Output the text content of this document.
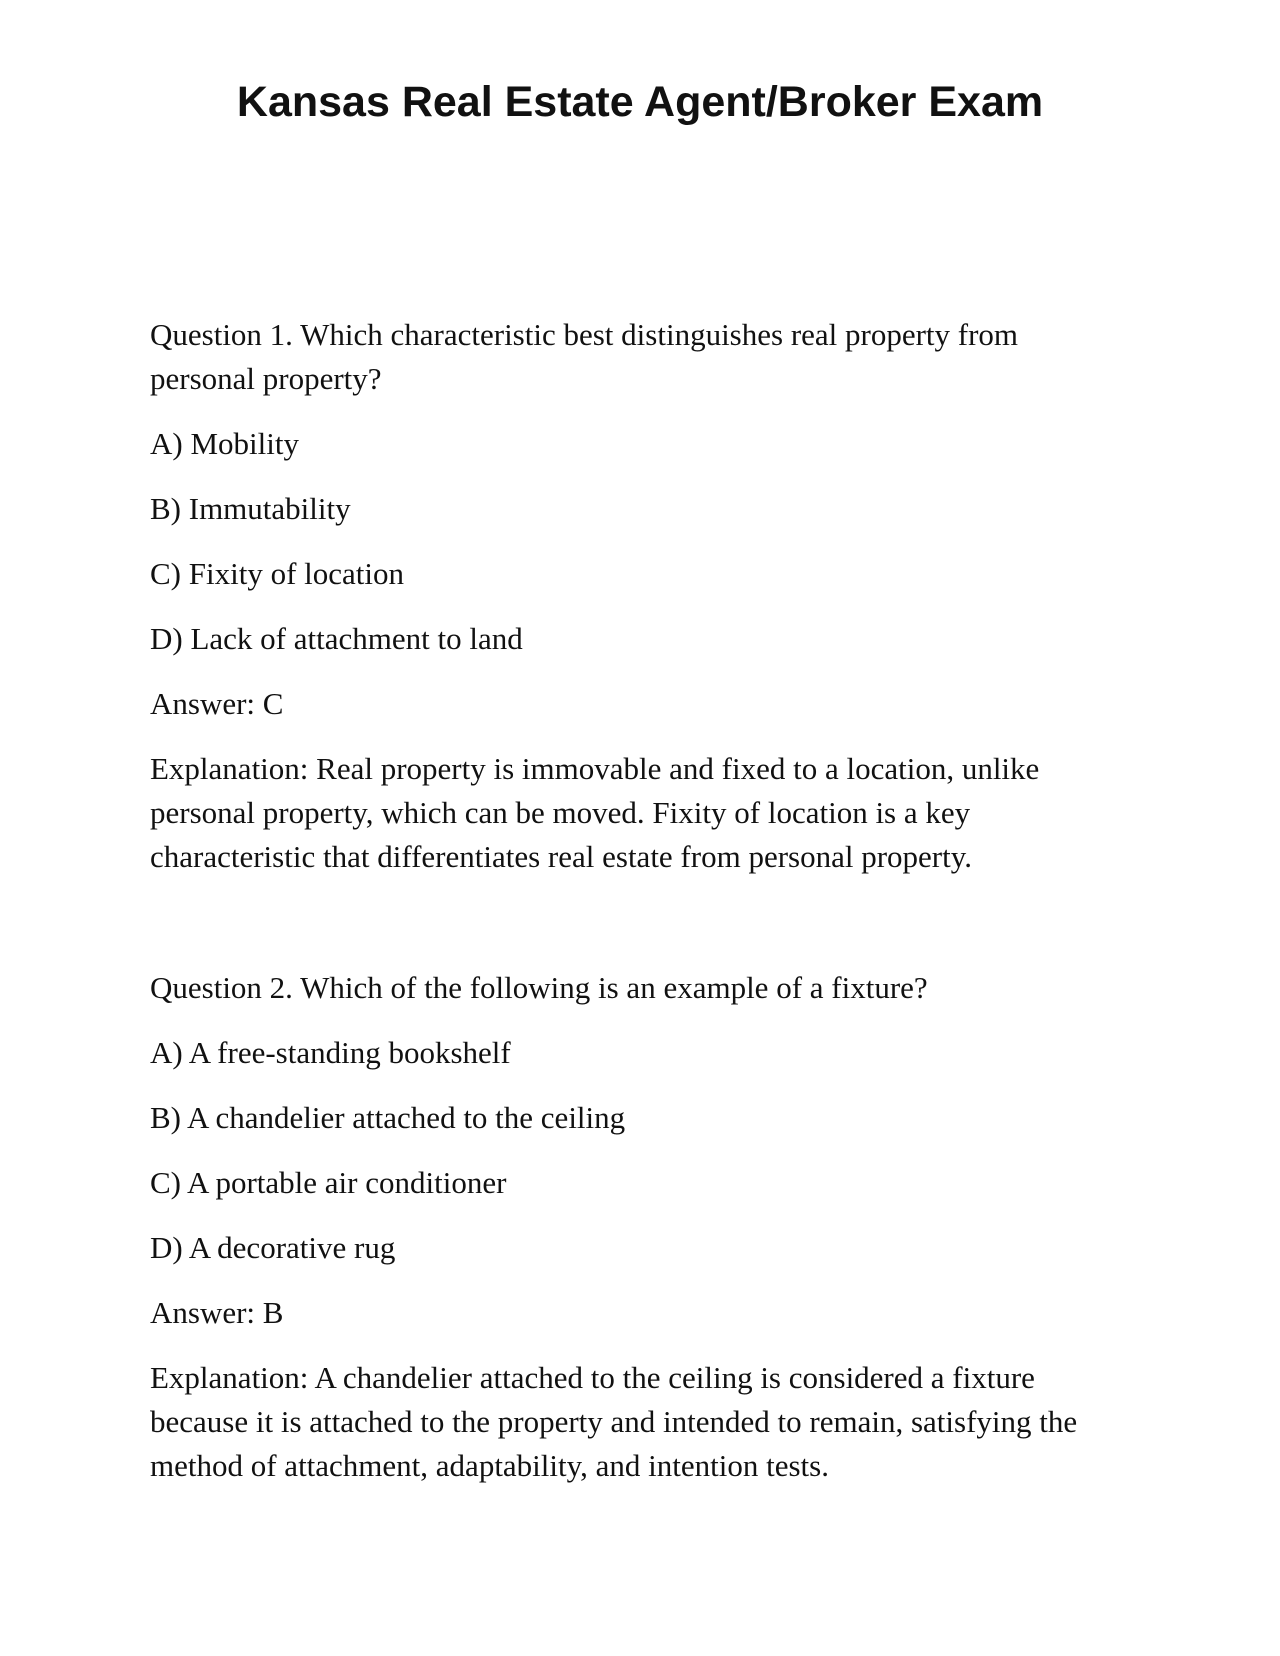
Kansas Real Estate Agent/Broker Exam

Question 1. Which characteristic best distinguishes real property from personal property?

A) Mobility

B) Immutability

C) Fixity of location

D) Lack of attachment to land

Answer: C

Explanation: Real property is immovable and fixed to a location, unlike personal property, which can be moved. Fixity of location is a key characteristic that differentiates real estate from personal property.

Question 2. Which of the following is an example of a fixture?

A) A free-standing bookshelf

B) A chandelier attached to the ceiling

C) A portable air conditioner

D) A decorative rug

Answer: B

Explanation: A chandelier attached to the ceiling is considered a fixture because it is attached to the property and intended to remain, satisfying the method of attachment, adaptability, and intention tests.
